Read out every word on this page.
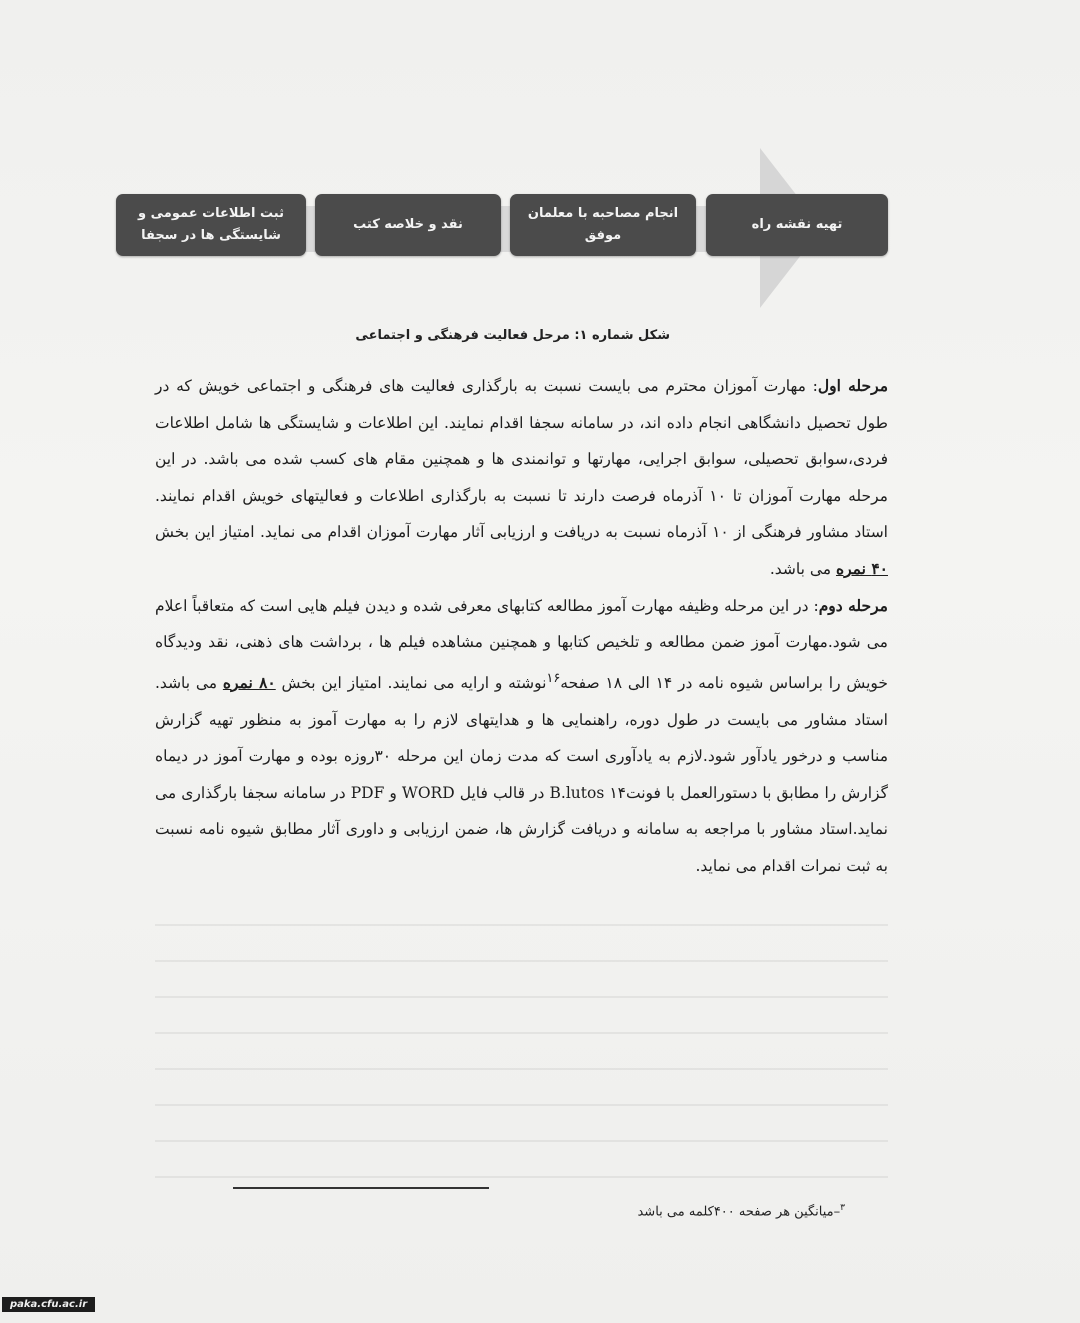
تهیه نقشه راه
انجام مصاحبه با معلمان موفق
نقد و خلاصه کتب
ثبت اطلاعات عمومی و شایستگی ها در سجفا
شکل شماره ۱: مرحل فعالیت فرهنگی و اجتماعی

مرحله اول: مهارت آموزان محترم می بایست نسبت به بارگذاری فعالیت های فرهنگی و اجتماعی خویش که در طول تحصیل دانشگاهی انجام داده اند، در سامانه سجفا اقدام نمایند. این اطلاعات و شایستگی ها شامل اطلاعات فردی،سوابق تحصیلی، سوابق اجرایی، مهارتها و توانمندی ها و همچنین مقام های کسب شده می باشد. در این مرحله مهارت آموزان تا ۱۰ آذرماه فرصت دارند تا نسبت به بارگذاری اطلاعات و فعالیتهای خویش اقدام نمایند. استاد مشاور فرهنگی از ۱۰ آذرماه نسبت به دریافت و ارزیابی آثار مهارت آموزان اقدام می نماید. امتیاز این بخش ۴۰ نمره می باشد.

مرحله دوم: در این مرحله وظیفه مهارت آموز مطالعه کتابهای معرفی شده و دیدن فیلم هایی است که متعاقباً اعلام می شود.مهارت آموز ضمن مطالعه و تلخیص کتابها و همچنین مشاهده فیلم ها ، برداشت های ذهنی، نقد ودیدگاه خویش را براساس شیوه نامه در ۱۴ الی ۱۸ صفحه$^{۱۶}$نوشته و ارایه می نمایند. امتیاز این بخش ۸۰ نمره می باشد. استاد مشاور می بایست در طول دوره، راهنمایی ها و هدایتهای لازم را به مهارت آموز به منظور تهیه گزارش مناسب و درخور یادآور شود.لازم به یادآوری است که مدت زمان این مرحله ۳۰روزه بوده و مهارت آموز در دیماه گزارش را مطابق با دستورالعمل با فونت۱۴ B.lutos در قالب فایل WORD و PDF در سامانه سجفا بارگذاری می نماید.استاد مشاور با مراجعه به سامانه و دریافت گزارش ها، ضمن ارزیابی و داوری آثار مطابق شیوه نامه نسبت به ثبت نمرات اقدام می نماید.

$^۳$–میانگین هر صفحه ۴۰۰کلمه می باشد
paka.cfu.ac.ir
